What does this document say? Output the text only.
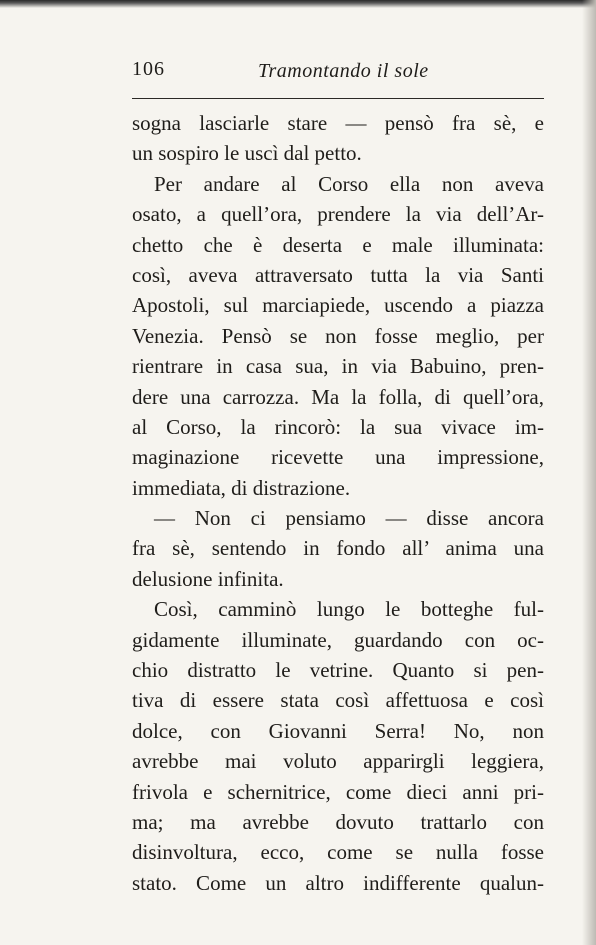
106	Tramontando il sole
sogna lasciarle stare — pensò fra sè, e
un sospiro le uscì dal petto.
Per andare al Corso ella non aveva
osato, a quell’ora, prendere la via dell’Ar-
chetto che è deserta e male illuminata:
così, aveva attraversato tutta la via Santi
Apostoli, sul marciapiede, uscendo a piazza
Venezia. Pensò se non fosse meglio, per
rientrare in casa sua, in via Babuino, pren-
dere una carrozza. Ma la folla, di quell’ora,
al Corso, la rincorò: la sua vivace im-
maginazione ricevette una impressione,
immediata, di distrazione.
— Non ci pensiamo — disse ancora
fra sè, sentendo in fondo all’ anima una
delusione infinita.
Così, camminò lungo le botteghe ful-
gidamente illuminate, guardando con oc-
chio distratto le vetrine. Quanto si pen-
tiva di essere stata così affettuosa e così
dolce, con Giovanni Serra! No, non
avrebbe mai voluto apparirgli leggiera,
frivola e schernitrice, come dieci anni pri-
ma; ma avrebbe dovuto trattarlo con
disinvoltura, ecco, come se nulla fosse
stato. Come un altro indifferente qualun-
